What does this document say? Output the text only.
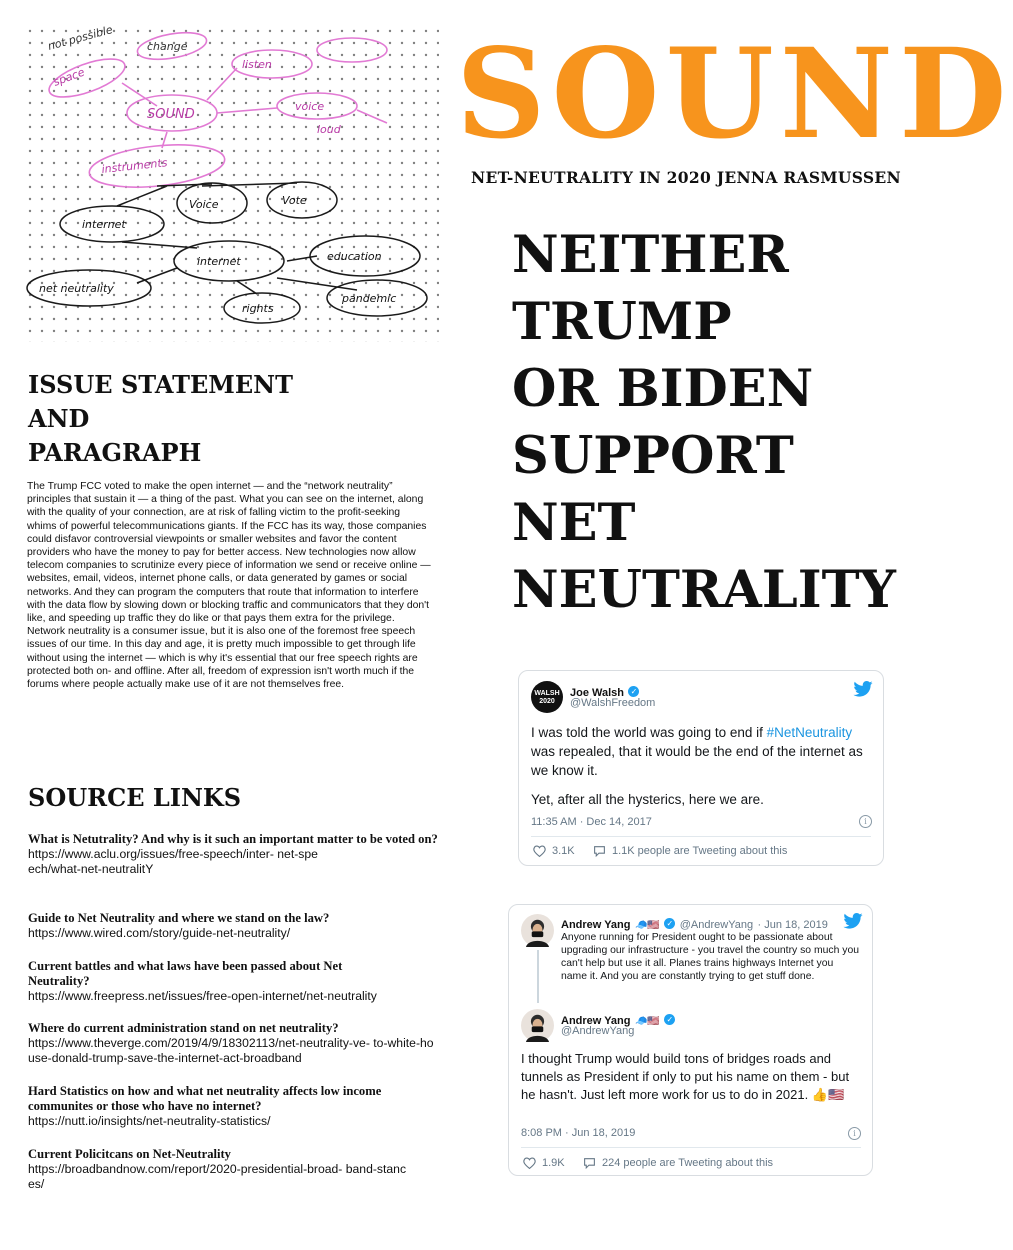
space
not possible	change
listen
SOUND
voice
loud
instruments
Voice	Vote
internet
internet	education
net neutrality
rights
pandemic
SOUND
NET-NEUTRALITY IN 2020 JENNA RASMUSSEN
NEITHER
TRUMP
OR BIDEN
SUPPORT
NET
NEUTRALITY
ISSUE STATEMENT
AND
PARAGRAPH
The Trump FCC voted to make the open internet — and the “network neutrality” principles that sustain it — a thing of the past. What you can see on the internet, along with the quality of your connection, are at risk of falling victim to the profit-seeking whims of powerful telecommunications giants. If the FCC has its way, those companies could disfavor controversial viewpoints or smaller websites and favor the content providers who have the money to pay for better access. New technologies now allow telecom companies to scrutinize every piece of information we send or receive online — websites, email, videos, internet phone calls, or data generated by games or social networks. And they can program the computers that route that information to interfere with the data flow by slowing down or blocking traffic and communicators that they don't like, and speeding up traffic they do like or that pays them extra for the privilege. Network neutrality is a consumer issue, but it is also one of the foremost free speech issues of our time. In this day and age, it is pretty much impossible to get through life without using the internet — which is why it's essential that our free speech rights are protected both on- and offline. After all, freedom of expression isn't worth much if the forums where people actually make use of it are not themselves free.
SOURCE LINKS
What is Netutrality? And why is it such an important matter to be voted on?
https://www.aclu.org/issues/free-speech/inter- net-speech/what-net-neutralitY
Guide to Net Neutrality and where we stand on the law?
https://www.wired.com/story/guide-net-neutrality/
Current battles and what laws have been passed about Net Neutrality?
https://www.freepress.net/issues/free-open-internet/net-neutrality
Where do current administration stand on net neutrality?
https://www.theverge.com/2019/4/9/18302113/net-neutrality-ve- to-white-house-donald-trump-save-the-internet-act-broadband
Hard Statistics on how and what net neutrality affects low income communites or those who have no internet?
https://nutt.io/insights/net-neutrality-statistics/
Current Policitcans on Net-Neutrality
https://broadbandnow.com/report/2020-presidential-broad- band-stances/
WALSH
2020
Joe Walsh ✓
@WalshFreedom
I was told the world was going to end if #NetNeutrality was repealed, that it would be the end of the internet as we know it.
Yet, after all the hysterics, here we are.
11:35 AM · Dec 14, 2017	i
3.1K	1.1K people are Tweeting about this
Andrew Yang 🧢🇺🇸 ✓ @AndrewYang · Jun 18, 2019
Anyone running for President ought to be passionate about upgrading our infrastructure - you travel the country so much you can't help but use it all. Planes trains highways Internet you name it. And you are constantly trying to get stuff done.
Andrew Yang 🧢🇺🇸 ✓
@AndrewYang
I thought Trump would build tons of bridges roads and tunnels as President if only to put his name on them - but he hasn't. Just left more work for us to do in 2021. 👍🇺🇸
8:08 PM · Jun 18, 2019	i
1.9K	224 people are Tweeting about this
